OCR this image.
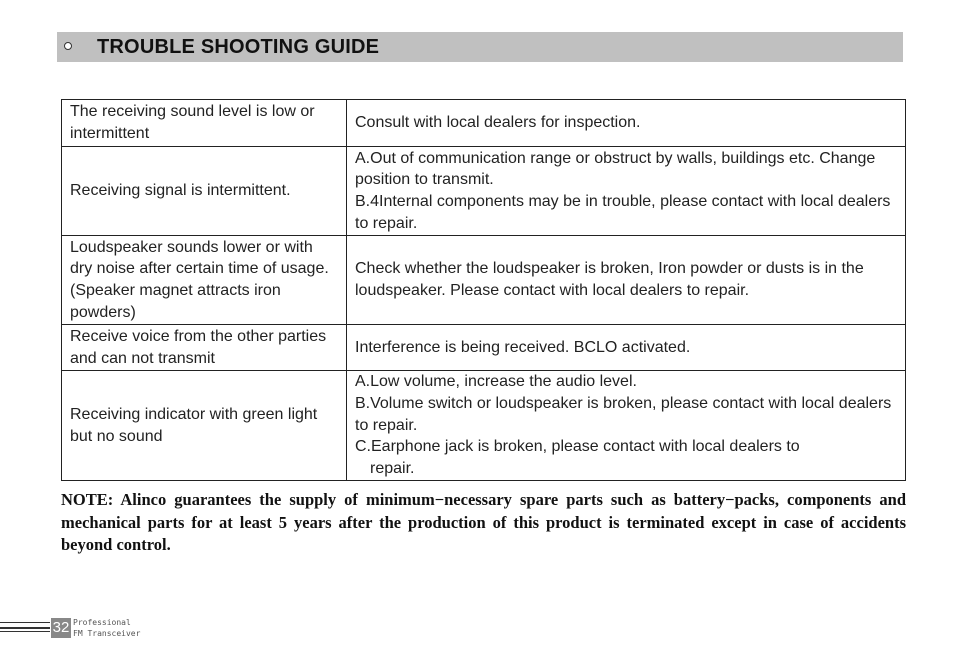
TROUBLE SHOOTING GUIDE
The receiving sound level is low or intermittent	Consult with local dealers for inspection.

Receiving signal is intermittent.	A.Out of communication range or obstruct by walls, buildings etc. Change position to transmit.
B.4Internal components may be in trouble, please contact with local dealers to repair.

Loudspeaker sounds lower or with dry noise after certain time of usage.(Speaker magnet attracts iron powders)	Check whether the loudspeaker is broken, Iron powder or dusts is in the loudspeaker. Please contact with local dealers to repair.

Receive voice from the other parties and can not transmit	Interference is being received. BCLO activated.

Receiving indicator with green light but no sound	A.Low volume, increase the audio level.
B.Volume switch or loudspeaker is broken, please contact with local dealers to repair.
C.Earphone jack is broken, please contact with local dealers to
repair.

NOTE: Alinco guarantees the supply of minimum−necessary spare parts such as battery−packs, components and mechanical parts for at least 5 years after the production of this product is terminated except in case of accidents beyond control.

32 Professional
FM Transceiver
